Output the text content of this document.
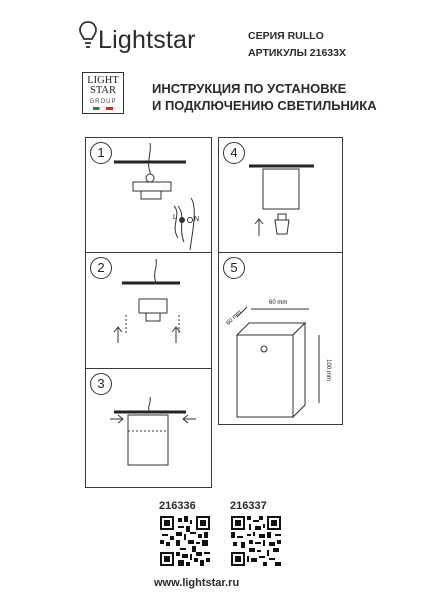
Lightstar	СЕРИЯ RULLO
АРТИКУЛЫ 21633X
LIGHT
STAR
GROUP
ИНСТРУКЦИЯ ПО УСТАНОВКЕ
И ПОДКЛЮЧЕНИЮ СВЕТИЛЬНИКА
1
L N
2
3
4
5
60 mm
60 mm
100 mm
216336	216337
www.lightstar.ru
